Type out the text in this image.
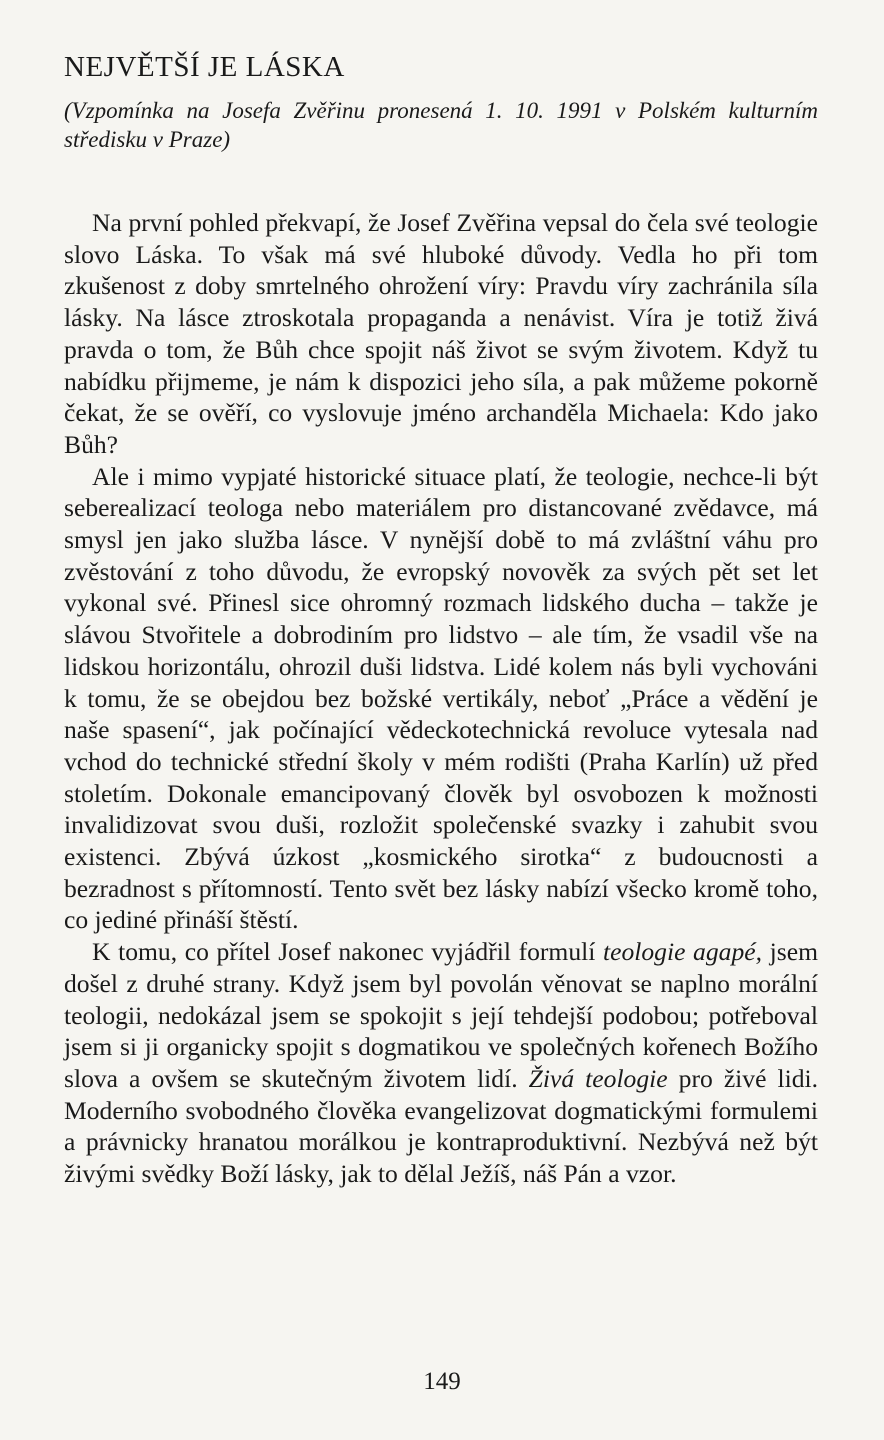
NEJVĚTŠÍ JE LÁSKA
(Vzpomínka na Josefa Zvěřinu pronesená 1. 10. 1991 v Polském kulturním středisku v Praze)

Na první pohled překvapí, že Josef Zvěřina vepsal do čela své teologie slovo Láska. To však má své hluboké důvody. Vedla ho při tom zkušenost z doby smrtelného ohrožení víry: Pravdu víry zachránila síla lásky. Na lásce ztroskotala propaganda a nenávist. Víra je totiž živá pravda o tom, že Bůh chce spojit náš život se svým životem. Když tu nabídku přijmeme, je nám k dispozici jeho síla, a pak můžeme pokorně čekat, že se ověří, co vyslovuje jméno archanděla Michaela: Kdo jako Bůh?

Ale i mimo vypjaté historické situace platí, že teologie, nechce-li být seberealizací teologa nebo materiálem pro distancované zvědavce, má smysl jen jako služba lásce. V nynější době to má zvláštní váhu pro zvěstování z toho důvodu, že evropský novověk za svých pět set let vykonal své. Přinesl sice ohromný rozmach lidského ducha – takže je slávou Stvořitele a dobrodiním pro lidstvo – ale tím, že vsadil vše na lidskou horizontálu, ohrozil duši lidstva. Lidé kolem nás byli vychováni k tomu, že se obejdou bez božské vertikály, neboť „Práce a vědění je naše spasení“, jak počínající vědeckotechnická revoluce vytesala nad vchod do technické střední školy v mém rodišti (Praha Karlín) už před stoletím. Dokonale emancipovaný člověk byl osvobozen k možnosti invalidizovat svou duši, rozložit společenské svazky i zahubit svou existenci. Zbývá úzkost „kosmického sirotka“ z budoucnosti a bezradnost s přítomností. Tento svět bez lásky nabízí všecko kromě toho, co jediné přináší štěstí.

K tomu, co přítel Josef nakonec vyjádřil formulí teologie agapé, jsem došel z druhé strany. Když jsem byl povolán věnovat se naplno morální teologii, nedokázal jsem se spokojit s její tehdejší podobou; potřeboval jsem si ji organicky spojit s dogmatikou ve společných kořenech Božího slova a ovšem se skutečným životem lidí. Živá teologie pro živé lidi. Moderního svobodného člověka evangelizovat dogmatickými formulemi a právnicky hranatou morálkou je kontraproduktivní. Nezbývá než být živými svědky Boží lásky, jak to dělal Ježíš, náš Pán a vzor.

149
